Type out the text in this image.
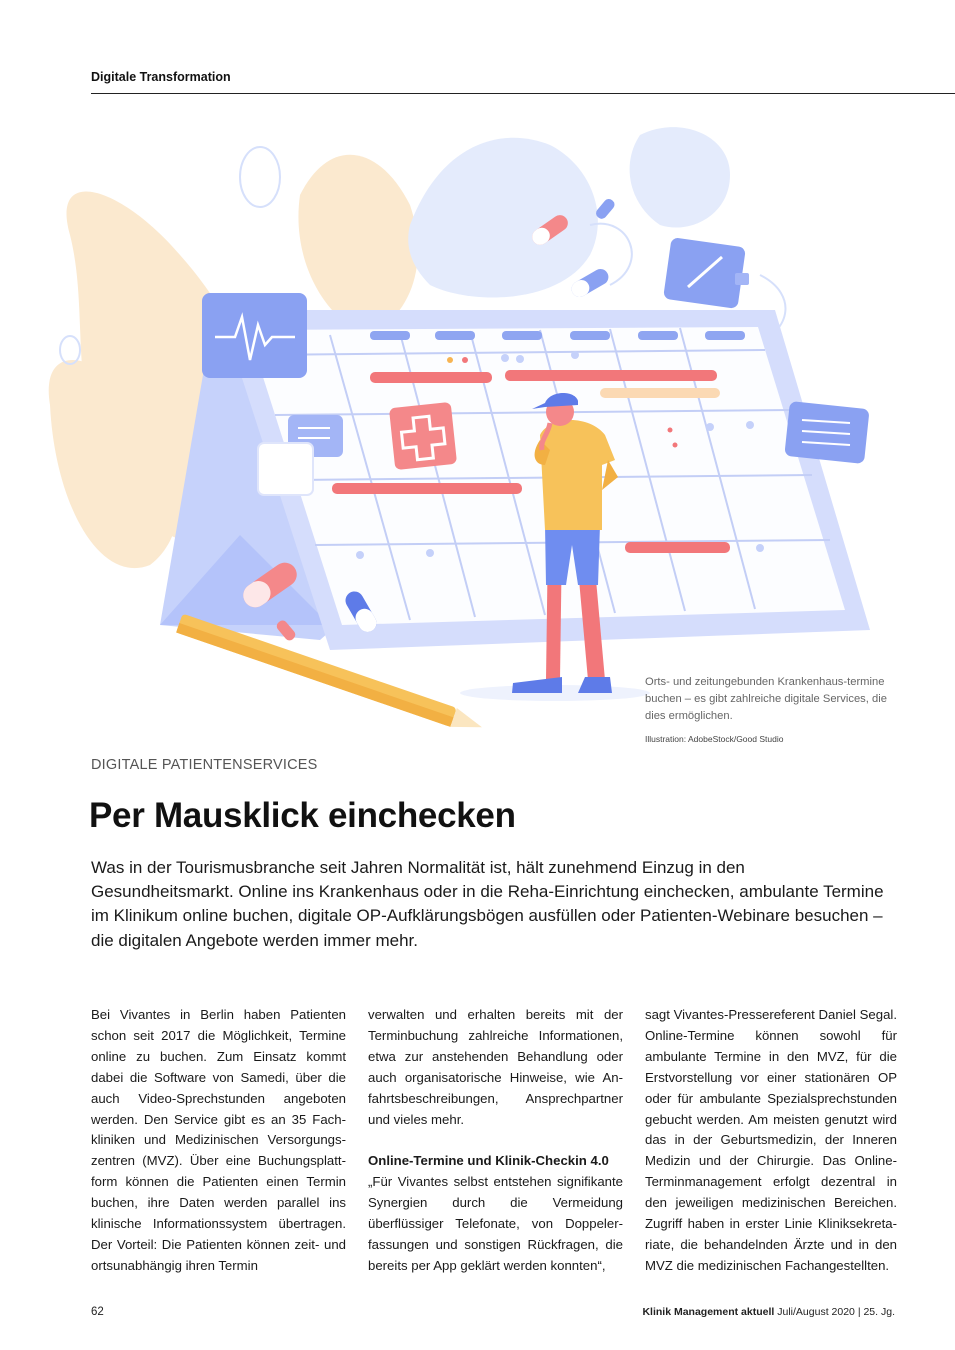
Digitale Transformation
Orts- und zeitungebunden Krankenhaus-termine buchen – es gibt zahlreiche digitale Services, die dies ermöglichen.
Illustration: AdobeStock/Good Studio
DIGITALE PATIENTENSERVICES
Per Mausklick einchecken

Was in der Tourismusbranche seit Jahren Normalität ist, hält zunehmend Einzug in den Gesundheitsmarkt. Online ins Krankenhaus oder in die Reha-Einrichtung einchecken, ambulante Termine im Klinikum online buchen, digitale OP-Aufklärungsbögen ausfüllen oder Patienten-Webinare besuchen – die digitalen Angebote werden immer mehr.

Bei Vivantes in Berlin haben Patienten schon seit 2017 die Möglichkeit, Termine online zu buchen. Zum Einsatz kommt dabei die Software von Samedi, über die auch Video-Sprechstunden angeboten werden. Den Service gibt es an 35 Fachkliniken und Medizinischen Versorgungszentren (MVZ). Über eine Buchungsplattform können die Patienten einen Termin buchen, ihre Daten werden parallel ins klinische Informationssystem übertragen. Der Vorteil: Die Patienten können zeit- und ortsunabhängig ihren Termin

verwalten und erhalten bereits mit der Terminbuchung zahlreiche Informationen, etwa zur anstehenden Behandlung oder auch organisatorische Hinweise, wie Anfahrtsbeschreibungen, Ansprechpartner und vieles mehr.

Online-Termine und Klinik-Checkin 4.0

„Für Vivantes selbst entstehen signifikante Synergien durch die Vermeidung überflüssiger Telefonate, von Doppelerfassungen und sonstigen Rückfragen, die bereits per App geklärt werden konnten“,

sagt Vivantes-Pressereferent Daniel Segal. Online-Termine können sowohl für ambulante Termine in den MVZ, für die Erstvorstellung vor einer stationären OP oder für ambulante Spezialsprechstunden gebucht werden. Am meisten genutzt wird das in der Geburtsmedizin, der Inneren Medizin und der Chirurgie. Das Online-Terminmanagement erfolgt dezentral in den jeweiligen medizinischen Bereichen. Zugriff haben in erster Linie Kliniksekretariate, die behandelnden Ärzte und in den MVZ die medizinischen Fachangestellten.

62	Klinik Management aktuell Juli/August 2020 | 25. Jg.
